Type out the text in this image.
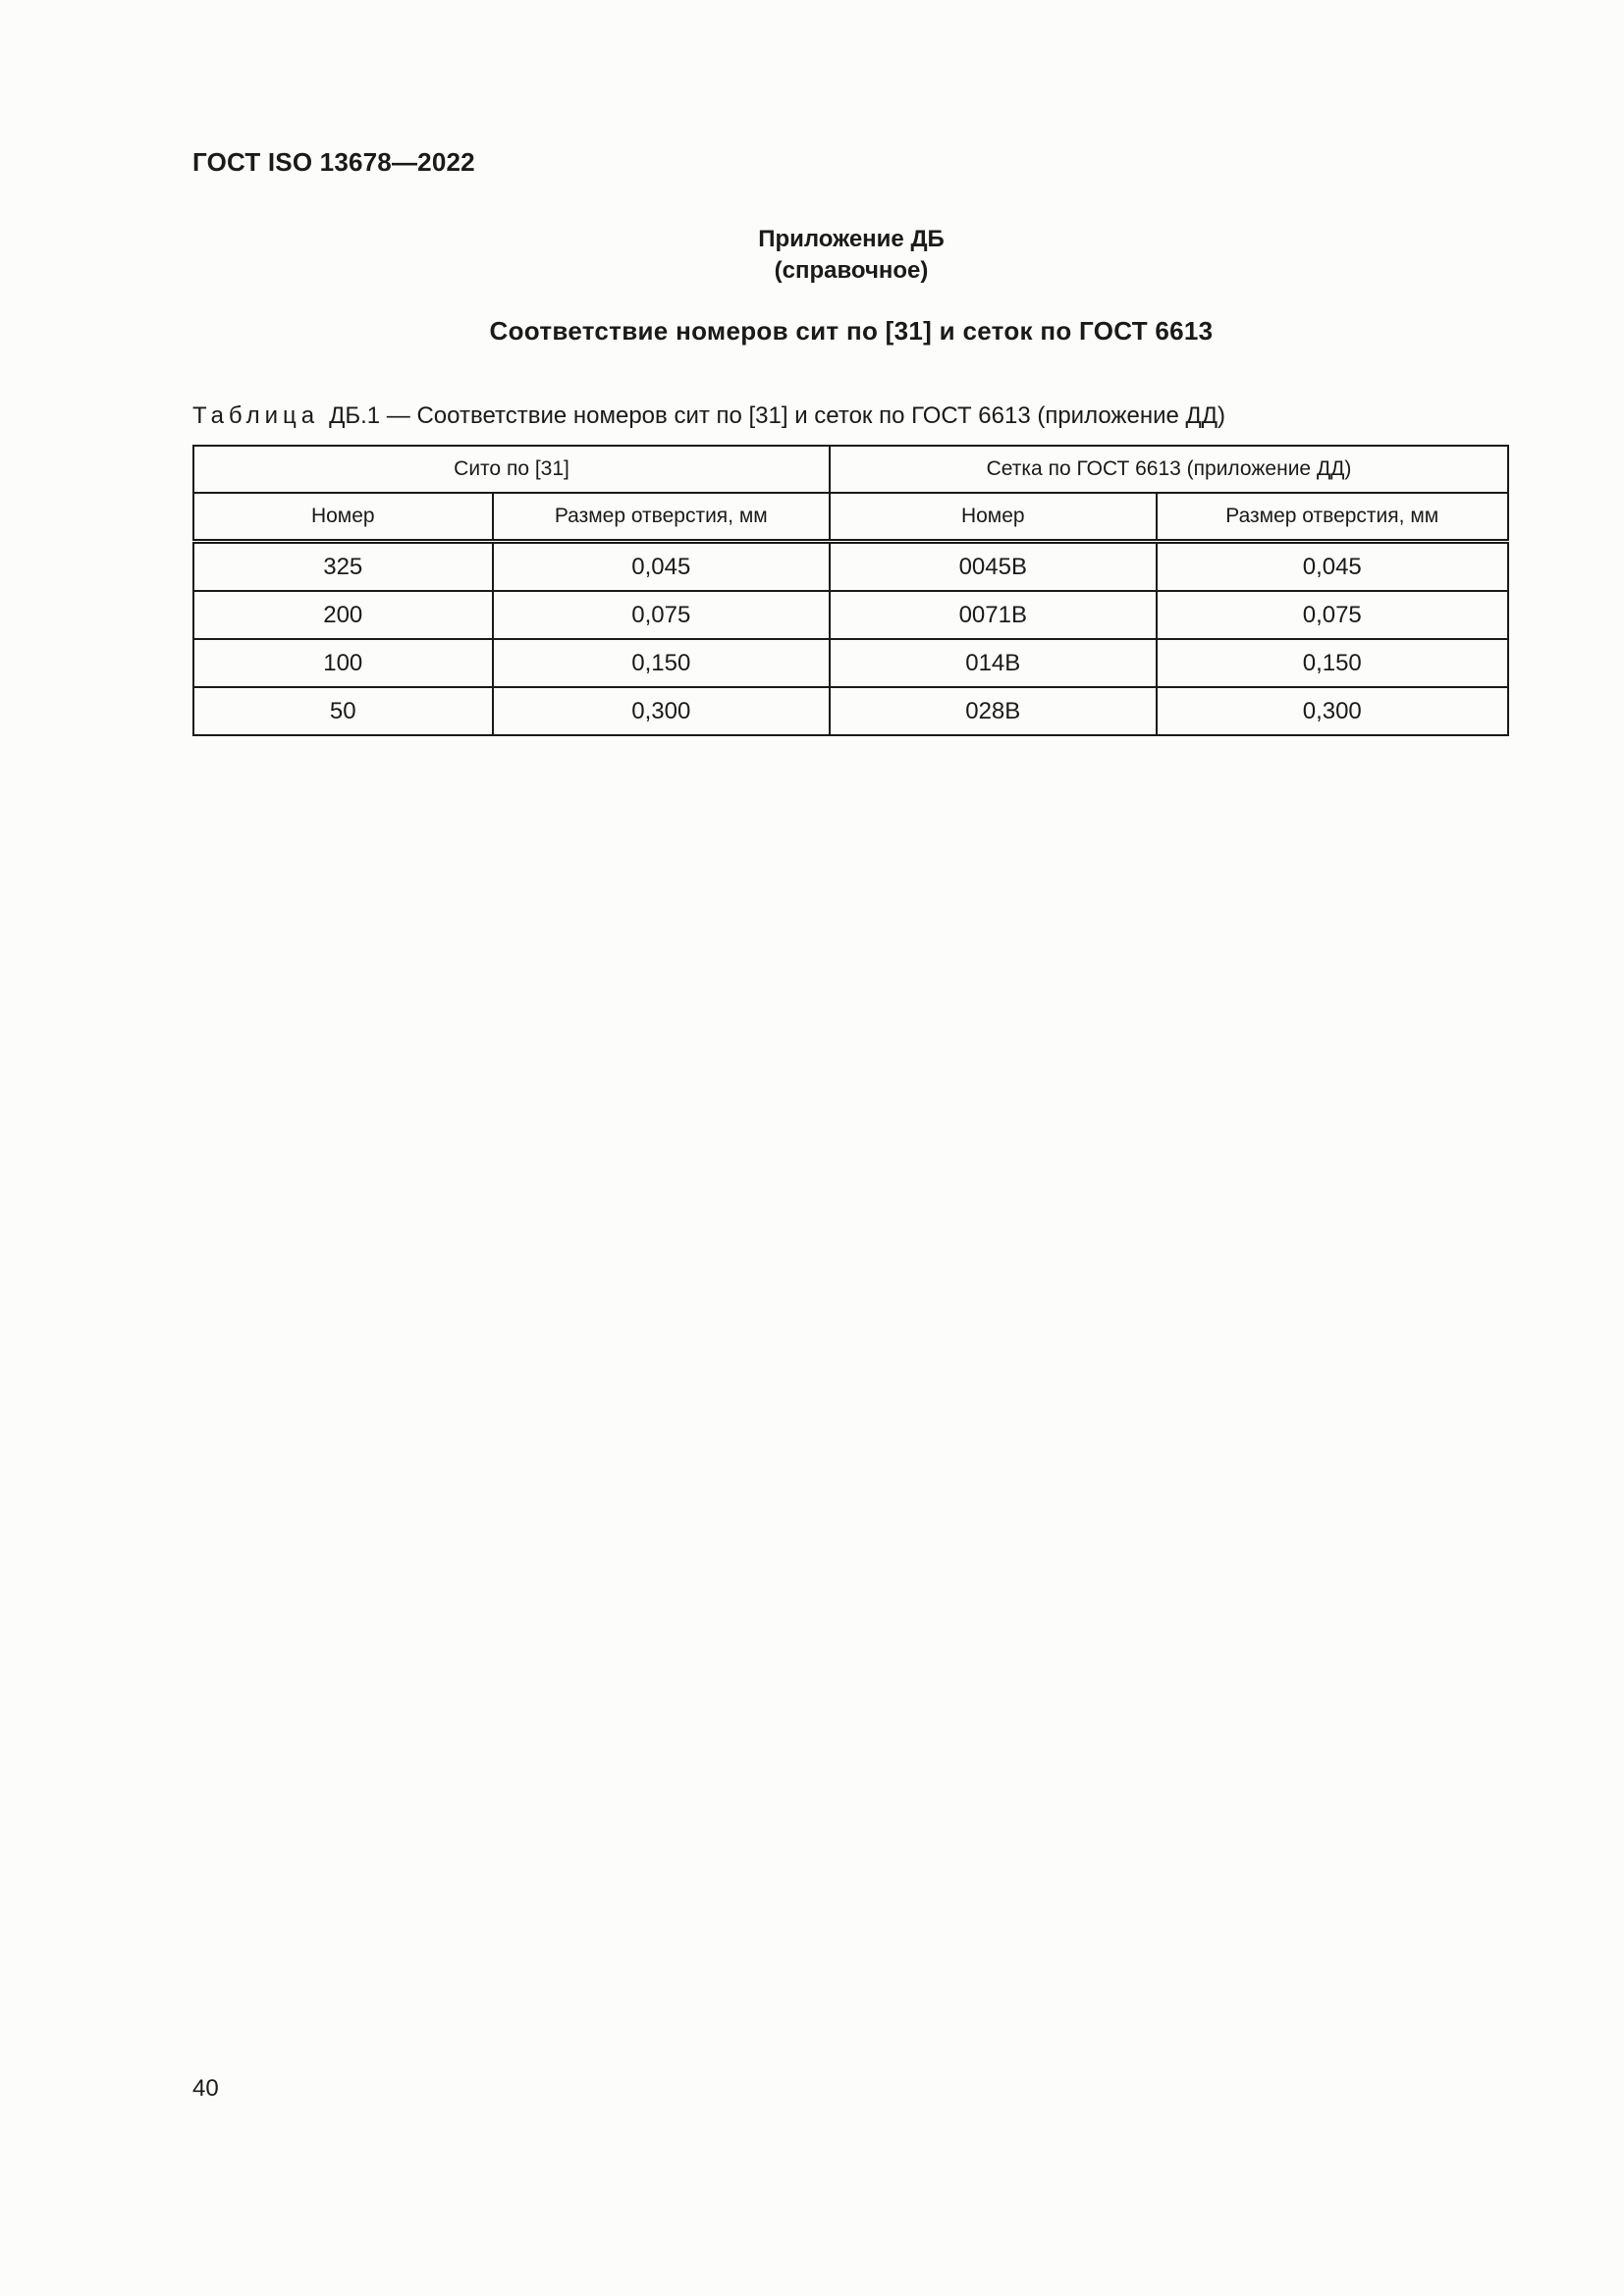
ГОСТ ISO 13678—2022
Приложение ДБ
(справочное)
Соответствие номеров сит по [31] и сеток по ГОСТ 6613
Таблица ДБ.1 — Соответствие номеров сит по [31] и сеток по ГОСТ 6613 (приложение ДД)
Сито по [31]		Сетка по ГОСТ 6613 (приложение ДД)	
Номер	Размер отверстия, мм	Номер	Размер отверстия, мм
325	0,045	0045В	0,045
200	0,075	0071В	0,075
100	0,150	014В	0,150
50	0,300	028В	0,300
40
